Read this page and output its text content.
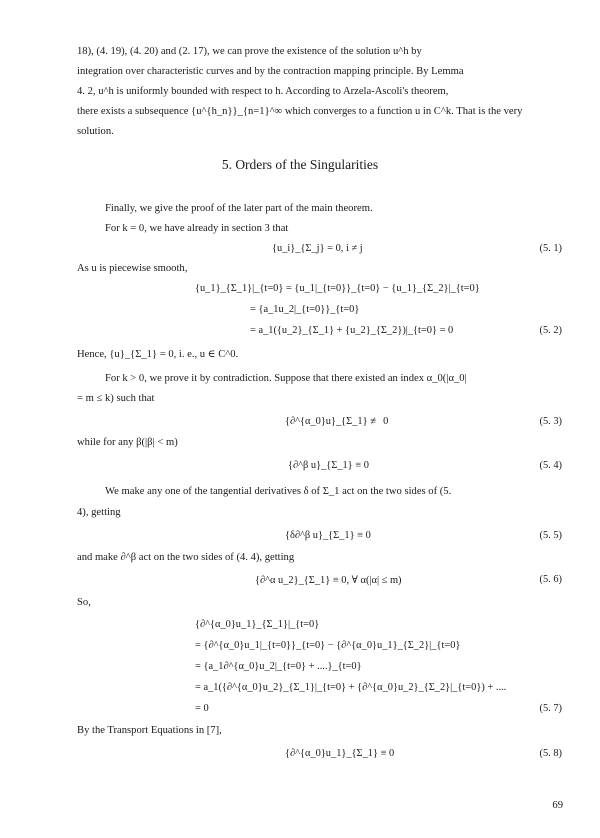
18), (4. 19), (4. 20) and (2. 17), we can prove the existence of the solution u^h by

integration over characteristic curves and by the contraction mapping principle. By Lemma

4. 2, u^h is uniformly bounded with respect to h. According to Arzela-Ascoli's theorem,

there exists a subsequence {u^{h_n}}_{n=1}^∞ which converges to a function u in C^k. That is the very

solution.

5. Orders of the Singularities
Finally, we give the proof of the later part of the main theorem.
For k = 0, we have already in section 3 that
{u_i}_{Σ_j} = 0, i ≠ j	(5. 1)
As u is piecewise smooth,
{u_1}_{Σ_1}|_{t=0} = {u_1|_{t=0}}_{t=0} − {u_1}_{Σ_2}|_{t=0}
= {a_1u_2|_{t=0}}_{t=0}
= a_1({u_2}_{Σ_1} + {u_2}_{Σ_2})|_{t=0} = 0	(5. 2)
Hence, {u}_{Σ_1} = 0, i. e., u ∈ C^0.
For k > 0, we prove it by contradiction. Suppose that there existed an index α_0(|α_0|
= m ≤ k) such that
{∂^{α_0}u}_{Σ_1} ≢ 0	(5. 3)
while for any β(|β| < m)
{∂^β u}_{Σ_1} ≡ 0	(5. 4)
We make any one of the tangential derivatives δ of Σ_1 act on the two sides of (5.
4), getting
{δ∂^β u}_{Σ_1} ≡ 0	(5. 5)
and make ∂^β act on the two sides of (4. 4), getting
{∂^α u_2}_{Σ_1} ≡ 0, ∀ α(|α| ≤ m)	(5. 6)
So,
{∂^{α_0}u_1}_{Σ_1}|_{t=0}
= {∂^{α_0}u_1|_{t=0}}_{t=0} − {∂^{α_0}u_1}_{Σ_2}|_{t=0}
= {a_1∂^{α_0}u_2|_{t=0} + ....}_{t=0}
= a_1({∂^{α_0}u_2}_{Σ_1}|_{t=0} + {∂^{α_0}u_2}_{Σ_2}|_{t=0}) + ....
= 0	(5. 7)
By the Transport Equations in [7],
{∂^{α_0}u_1}_{Σ_1} ≡ 0	(5. 8)
69
